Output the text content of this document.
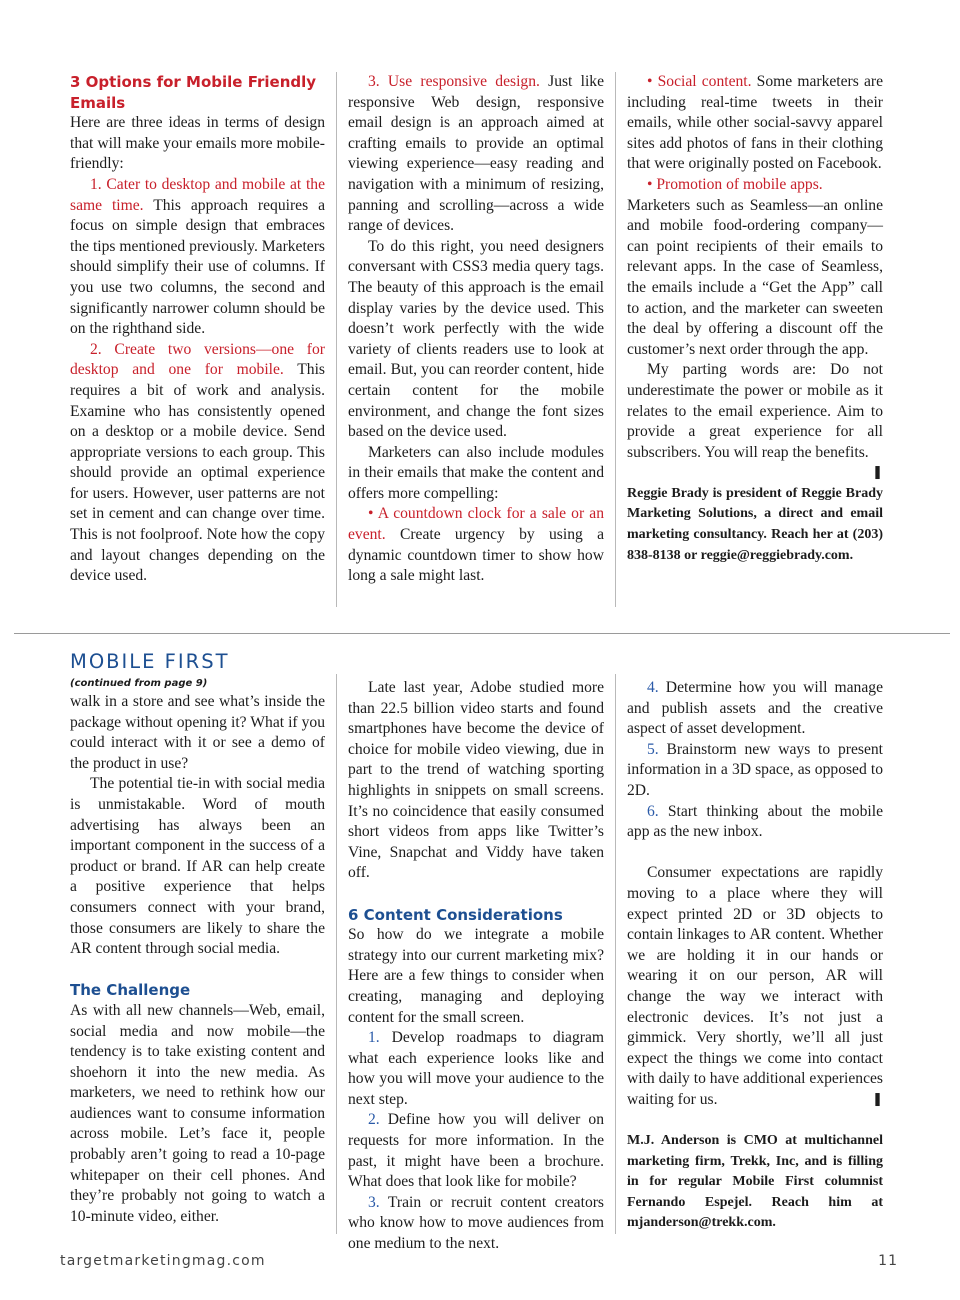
3 Options for Mobile Friendly Emails

Here are three ideas in terms of design that will make your emails more mobile-friendly:

1. Cater to desktop and mobile at the same time. This approach requires a focus on simple design that embraces the tips mentioned previously. Marketers should simplify their use of columns. If you use two columns, the second and significantly narrower column should be on the righthand side.

2. Create two versions—one for desktop and one for mobile. This requires a bit of work and analysis. Examine who has consistently opened on a desktop or a mobile device. Send appropriate versions to each group. This should provide an optimal experience for users. However, user patterns are not set in cement and can change over time. This is not foolproof. Note how the copy and layout changes depending on the device used.

3. Use responsive design. Just like responsive Web design, responsive email design is an approach aimed at crafting emails to provide an optimal viewing experience—easy reading and navigation with a minimum of resizing, panning and scrolling—across a wide range of devices.

To do this right, you need designers conversant with CSS3 media query tags. The beauty of this approach is the email display varies by the device used. This doesn’t work perfectly with the wide variety of clients readers use to look at email. But, you can reorder content, hide certain content for the mobile environment, and change the font sizes based on the device used.

Marketers can also include modules in their emails that make the content and offers more compelling:

• A countdown clock for a sale or an event. Create urgency by using a dynamic countdown timer to show how long a sale might last.

• Social content. Some marketers are including real-time tweets in their emails, while other social-savvy apparel sites add photos of fans in their clothing that were originally posted on Facebook.

• Promotion of mobile apps.

Marketers such as Seamless—an online and mobile food-ordering company—can point recipients of their emails to relevant apps. In the case of Seamless, the emails include a “Get the App” call to action, and the marketer can sweeten the deal by offering a discount off the customer’s next order through the app.

My parting words are: Do not underestimate the power or mobile as it relates to the email experience. Aim to provide a great experience for all subscribers. You will reap the benefits.
❚

Reggie Brady is president of Reggie Brady Marketing Solutions, a direct and email marketing consultancy. Reach her at (203) 838-8138 or reggie@reggiebrady.com.

MOBILE FIRST
(continued from page 9)

walk in a store and see what’s inside the package without opening it? What if you could interact with it or see a demo of the product in use?

The potential tie-in with social media is unmistakable. Word of mouth advertising has always been an important component in the success of a product or brand. If AR can help create a positive experience that helps consumers connect with your brand, those consumers are likely to share the AR content through social media.

The Challenge

As with all new channels—Web, email, social media and now mobile—the tendency is to take existing content and shoehorn it into the new media. As marketers, we need to rethink how our audiences want to consume information across mobile. Let’s face it, people probably aren’t going to read a 10-page whitepaper on their cell phones. And they’re probably not going to watch a 10-minute video, either.

Late last year, Adobe studied more than 22.5 billion video starts and found smartphones have become the device of choice for mobile video viewing, due in part to the trend of watching sporting highlights in snippets on small screens. It’s no coincidence that easily consumed short videos from apps like Twitter’s Vine, Snapchat and Viddy have taken off.

6 Content Considerations

So how do we integrate a mobile strategy into our current marketing mix? Here are a few things to consider when creating, managing and deploying content for the small screen.

1. Develop roadmaps to diagram what each experience looks like and how you will move your audience to the next step.

2. Define how you will deliver on requests for more information. In the past, it might have been a brochure. What does that look like for mobile?

3. Train or recruit content creators who know how to move audiences from one medium to the next.

4. Determine how you will manage and publish assets and the creative aspect of asset development.

5. Brainstorm new ways to present information in a 3D space, as opposed to 2D.

6. Start thinking about the mobile app as the new inbox.

Consumer expectations are rapidly moving to a place where they will expect printed 2D or 3D objects to contain linkages to AR content. Whether we are holding it in our hands or wearing it on our person, AR will change the way we interact with electronic devices. It’s not just a gimmick. Very shortly, we’ll all just expect the things we come into contact with daily to have additional experiences waiting for us.	❚

M.J. Anderson is CMO at multichannel marketing firm, Trekk, Inc, and is filling in for regular Mobile First columnist Fernando Espejel. Reach him at mjanderson@trekk.com.

targetmarketingmag.com	11
